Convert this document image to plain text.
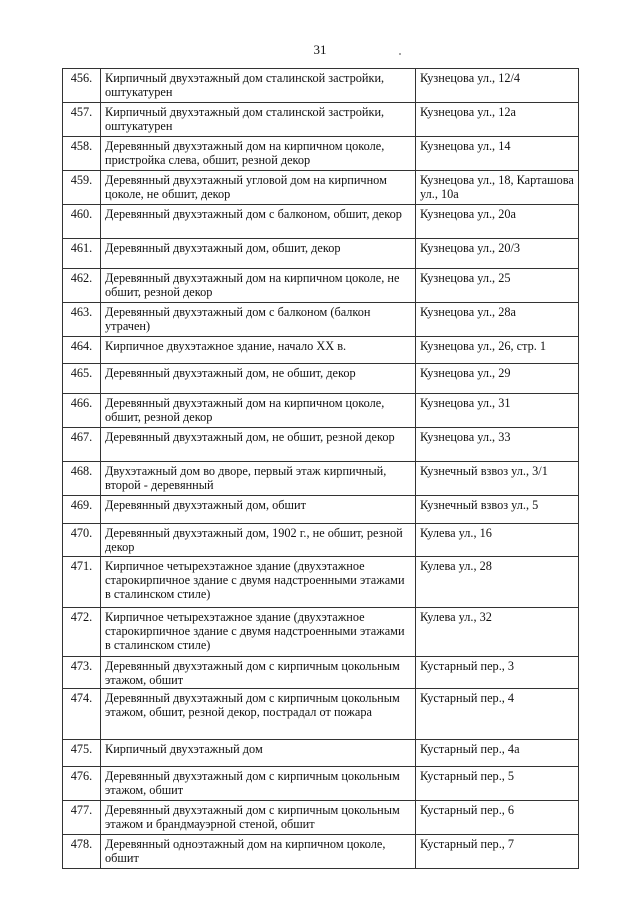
31
456.	Кирпичный двухэтажный дом сталинской застройки, оштукатурен	Кузнецова ул., 12/4
457.	Кирпичный двухэтажный дом сталинской застройки, оштукатурен	Кузнецова ул., 12а
458.	Деревянный двухэтажный дом на кирпичном цоколе, пристройка слева, обшит, резной декор	Кузнецова ул., 14
459.	Деревянный двухэтажный угловой дом на кирпичном цоколе, не обшит, декор	Кузнецова ул., 18, Карташова ул., 10а
460.	Деревянный двухэтажный дом с балконом, обшит, декор	Кузнецова ул., 20а
461.	Деревянный двухэтажный дом, обшит, декор	Кузнецова ул., 20/3
462.	Деревянный двухэтажный дом на кирпичном цоколе, не обшит, резной декор	Кузнецова ул., 25
463.	Деревянный двухэтажный дом с балконом (балкон утрачен)	Кузнецова ул., 28а
464.	Кирпичное двухэтажное здание, начало XX в.	Кузнецова ул., 26, стр. 1
465.	Деревянный двухэтажный дом, не обшит, декор	Кузнецова ул., 29
466.	Деревянный двухэтажный дом на кирпичном цоколе, обшит, резной декор	Кузнецова ул., 31
467.	Деревянный двухэтажный дом, не обшит, резной декор	Кузнецова ул., 33
468.	Двухэтажный дом во дворе, первый этаж кирпичный, второй - деревянный	Кузнечный взвоз ул., 3/1
469.	Деревянный двухэтажный дом, обшит	Кузнечный взвоз ул., 5
470.	Деревянный двухэтажный дом, 1902 г., не обшит, резной декор	Кулева ул., 16
471.	Кирпичное четырехэтажное здание (двухэтажное старокирпичное здание с двумя надстроенными этажами в сталинском стиле)	Кулева ул., 28
472.	Кирпичное четырехэтажное здание (двухэтажное старокирпичное здание с двумя надстроенными этажами в сталинском стиле)	Кулева ул., 32
473.	Деревянный двухэтажный дом с кирпичным цокольным этажом, обшит	Кустарный пер., 3
474.	Деревянный двухэтажный дом с кирпичным цокольным этажом, обшит, резной декор, пострадал от пожара	Кустарный пер., 4
475.	Кирпичный двухэтажный дом	Кустарный пер., 4а
476.	Деревянный двухэтажный дом с кирпичным цокольным этажом, обшит	Кустарный пер., 5
477.	Деревянный двухэтажный дом с кирпичным цокольным этажом и брандмауэрной стеной, обшит	Кустарный пер., 6
478.	Деревянный одноэтажный дом на кирпичном цоколе, обшит	Кустарный пер., 7
